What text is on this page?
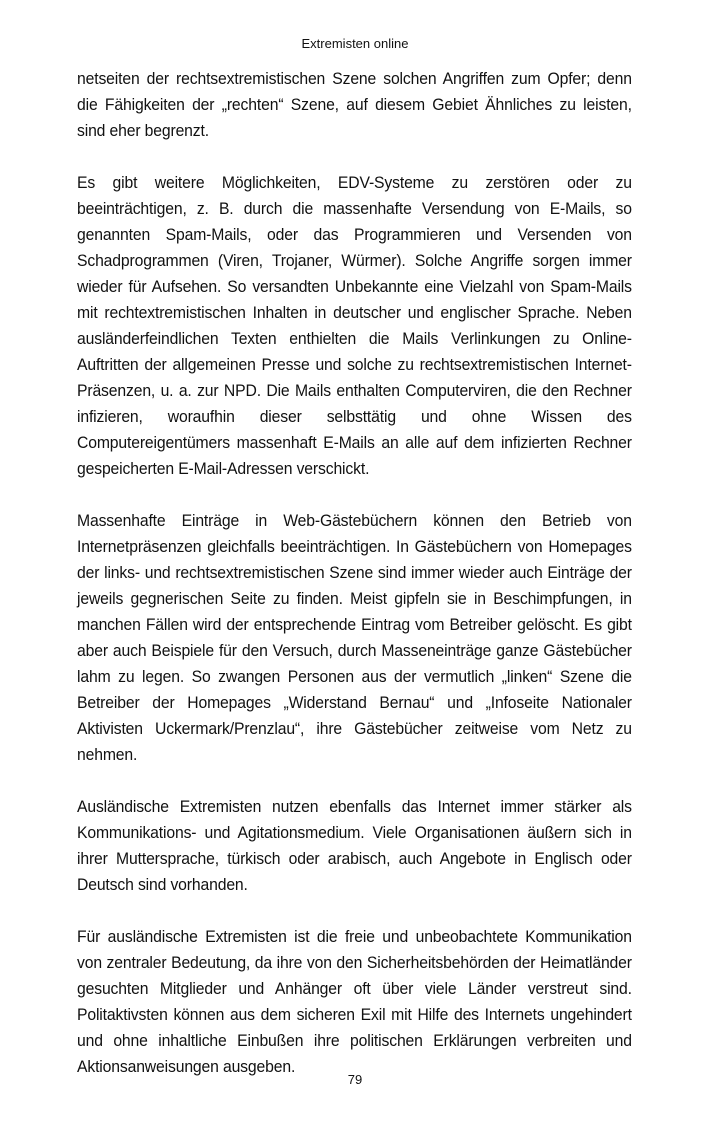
Extremisten online

netseiten der rechtsextremistischen Szene solchen Angriffen zum Opfer; denn die Fähigkeiten der „rechten“ Szene, auf diesem Gebiet Ähnliches zu leisten, sind eher begrenzt.

Es gibt weitere Möglichkeiten, EDV-Systeme zu zerstören oder zu beeinträchtigen, z. B. durch die massenhafte Versendung von E-Mails, so genannten Spam-Mails, oder das Programmieren und Versenden von Schadprogrammen (Viren, Trojaner, Würmer). Solche Angriffe sorgen immer wieder für Aufsehen. So versandten Unbekannte eine Vielzahl von Spam-Mails mit rechtextremistischen Inhalten in deutscher und englischer Sprache. Neben ausländerfeindlichen Texten enthielten die Mails Verlinkungen zu Online-Auftritten der allgemeinen Presse und solche zu rechtsextremistischen Internet-Präsenzen, u. a. zur NPD. Die Mails enthalten Computerviren, die den Rechner infizieren, woraufhin dieser selbsttätig und ohne Wissen des Computereigentümers massenhaft E-Mails an alle auf dem infizierten Rechner gespeicherten E-Mail-Adressen verschickt.

Massenhafte Einträge in Web-Gästebüchern können den Betrieb von Internetpräsenzen gleichfalls beeinträchtigen. In Gästebüchern von Homepages der links- und rechtsextremistischen Szene sind immer wieder auch Einträge der jeweils gegnerischen Seite zu finden. Meist gipfeln sie in Beschimpfungen, in manchen Fällen wird der entsprechende Eintrag vom Betreiber gelöscht. Es gibt aber auch Beispiele für den Versuch, durch Masseneinträge ganze Gästebücher lahm zu legen. So zwangen Personen aus der vermutlich „linken“ Szene die Betreiber der Homepages „Widerstand Bernau“ und „Infoseite Nationaler Aktivisten Uckermark/Prenzlau“, ihre Gästebücher zeitweise vom Netz zu nehmen.

Ausländische Extremisten nutzen ebenfalls das Internet immer stärker als Kommunikations- und Agitationsmedium. Viele Organisationen äußern sich in ihrer Muttersprache, türkisch oder arabisch, auch Angebote in Englisch oder Deutsch sind vorhanden.

Für ausländische Extremisten ist die freie und unbeobachtete Kommunikation von zentraler Bedeutung, da ihre von den Sicherheitsbehörden der Heimatländer gesuchten Mitglieder und Anhänger oft über viele Länder verstreut sind. Politaktivsten können aus dem sicheren Exil mit Hilfe des Internets ungehindert und ohne inhaltliche Einbußen ihre politischen Erklärungen verbreiten und Aktionsanweisungen ausgeben.

79
